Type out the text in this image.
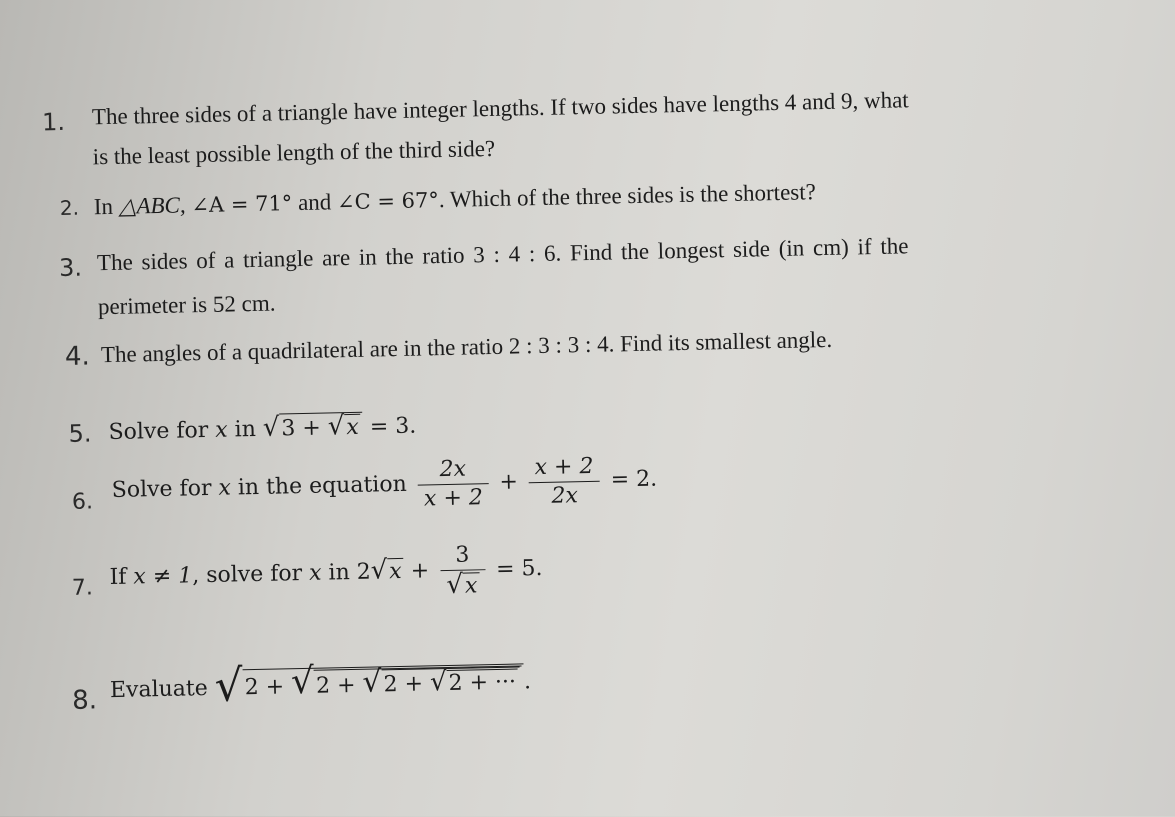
1. The three sides of a triangle have integer lengths. If two sides have lengths 4 and 9, what
is the least possible length of the third side?
2. In △ABC, ∠A = 71° and ∠C = 67°. Which of the three sides is the shortest?
3. The sides of a triangle are in the ratio 3 : 4 : 6. Find the longest side (in cm) if the
perimeter is 52 cm.
4. The angles of a quadrilateral are in the ratio 2 : 3 : 3 : 4. Find its smallest angle.
5. Solve for x in √3 + √x = 3.
6. Solve for x in the equation $\frac{2x}{x + 2} + \frac{x + 2}{2x} = 2$.
7. If x ≠ 1, solve for x in $2√x + \frac{3}{√x} = 5$.
8. Evaluate √2 + √2 + √2 + √2 + ··· .
